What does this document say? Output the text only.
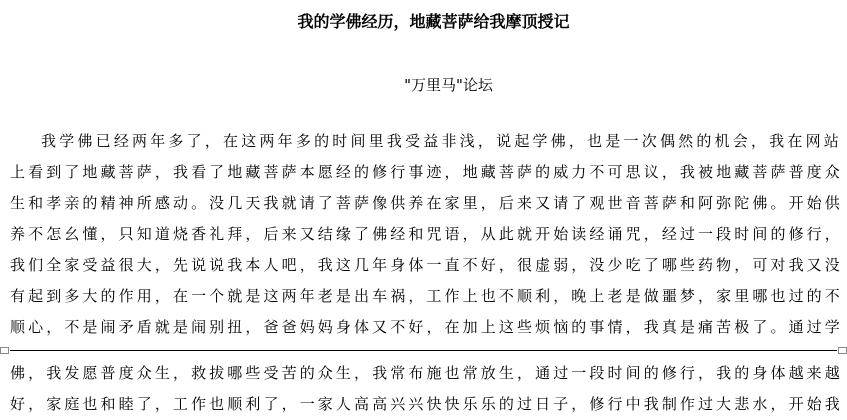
我的学佛经历，地藏菩萨给我摩顶授记
"万里马"论坛
我学佛已经两年多了，在这两年多的时间里我受益非浅，说起学佛，也是一次偶然的机会，我在网站
上看到了地藏菩萨，我看了地藏菩萨本愿经的修行事迹，地藏菩萨的威力不可思议，我被地藏菩萨普度众
生和孝亲的精神所感动。没几天我就请了菩萨像供养在家里，后来又请了观世音菩萨和阿弥陀佛。开始供
养不怎幺懂，只知道烧香礼拜，后来又结缘了佛经和咒语，从此就开始读经诵咒，经过一段时间的修行，
我们全家受益很大，先说说我本人吧，我这几年身体一直不好，很虚弱，没少吃了哪些药物，可对我又没
有起到多大的作用，在一个就是这两年老是出车祸，工作上也不顺利，晚上老是做噩梦，家里哪也过的不
顺心，不是闹矛盾就是闹别扭，爸爸妈妈身体又不好，在加上这些烦恼的事情，我真是痛苦极了。通过学
佛，我发愿普度众生，救拔哪些受苦的众生，我常布施也常放生，通过一段时间的修行，我的身体越来越
好，家庭也和睦了，工作也顺利了，一家人高高兴兴快快乐乐的过日子，修行中我制作过大悲水，开始我
